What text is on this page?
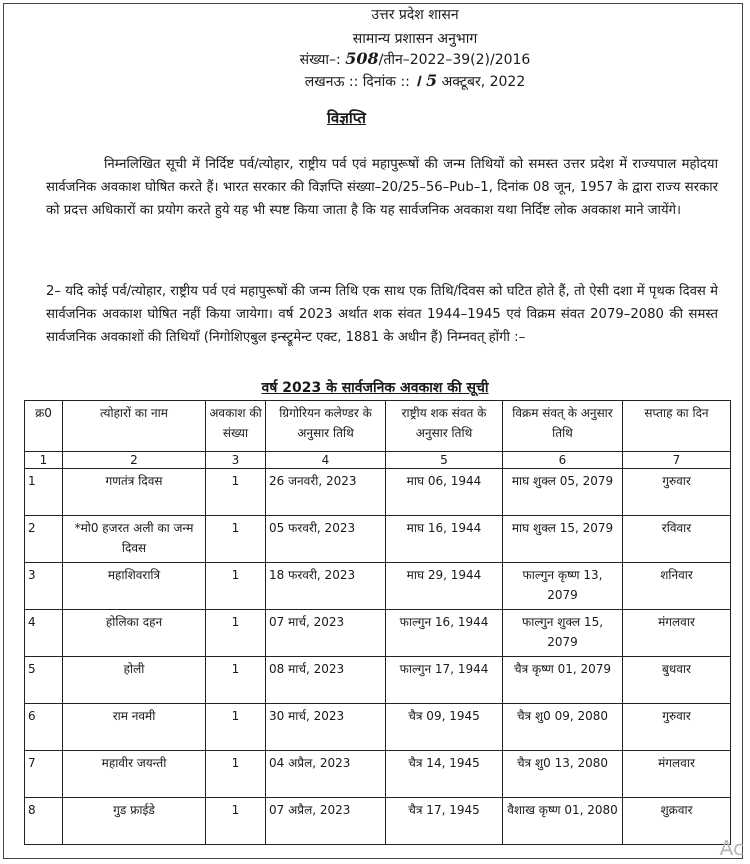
उत्तर प्रदेश शासन
सामान्य प्रशासन अनुभाग
संख्या–: 508/तीन–2022–39(2)/2016
लखनऊ :: दिनांक :: । 5 अक्टूबर, 2022
विज्ञप्ति
निम्नलिखित सूची में निर्दिष्ट पर्व/त्योहार, राष्ट्रीय पर्व एवं महापुरूषों की जन्म तिथियों को समस्त उत्तर प्रदेश में राज्यपाल महोदया सार्वजनिक अवकाश घोषित करते हैं। भारत सरकार की विज्ञप्ति संख्या–20/25–56–Pub–1, दिनांक 08 जून, 1957 के द्वारा राज्य सरकार को प्रदत्त अधिकारों का प्रयोग करते हुये यह भी स्पष्ट किया जाता है कि यह सार्वजनिक अवकाश यथा निर्दिष्ट लोक अवकाश माने जायेंगे।
2– यदि कोई पर्व/त्योहार, राष्ट्रीय पर्व एवं महापुरूषों की जन्म तिथि एक साथ एक तिथि/दिवस को घटित होते हैं, तो ऐसी दशा में पृथक दिवस मे सार्वजनिक अवकाश घोषित नहीं किया जायेगा। वर्ष 2023 अर्थात शक संवत 1944–1945 एवं विक्रम संवत 2079–2080 की समस्त सार्वजनिक अवकाशों की तिथियाँ (निगोशिएबुल इन्स्ट्रूमेन्ट एक्ट, 1881 के अधीन हैं) निम्नवत् होंगी :–
वर्ष 2023 के सार्वजनिक अवकाश की सूची
क्र0	त्योहारों का नाम	अवकाश की संख्या	ग्रिगोरियन कलेण्डर के अनुसार तिथि	राष्ट्रीय शक संवत के अनुसार तिथि	विक्रम संवत् के अनुसार तिथि	सप्ताह का दिन
1	2	3	4	5	6	7
1	गणतंत्र दिवस	1	26 जनवरी, 2023	माघ 06, 1944	माघ शुक्ल 05, 2079	गुरुवार
2	*मो0 हजरत अली का जन्म दिवस	1	05 फरवरी, 2023	माघ 16, 1944	माघ शुक्ल 15, 2079	रविवार
3	महाशिवरात्रि	1	18 फरवरी, 2023	माघ 29, 1944	फाल्गुन कृष्ण 13, 2079	शनिवार
4	होलिका दहन	1	07 मार्च, 2023	फाल्गुन 16, 1944	फाल्गुन शुक्ल 15, 2079	मंगलवार
5	होली	1	08 मार्च, 2023	फाल्गुन 17, 1944	चैत्र कृष्ण 01, 2079	बुधवार
6	राम नवमी	1	30 मार्च, 2023	चैत्र 09, 1945	चैत्र शु0 09, 2080	गुरुवार
7	महावीर जयन्ती	1	04 अप्रैल, 2023	चैत्र 14, 1945	चैत्र शु0 13, 2080	मंगलवार
8	गुड फ्राईडे	1	07 अप्रैल, 2023	चैत्र 17, 1945	वैशाख कृष्ण 01, 2080	शुक्रवार
Ac
